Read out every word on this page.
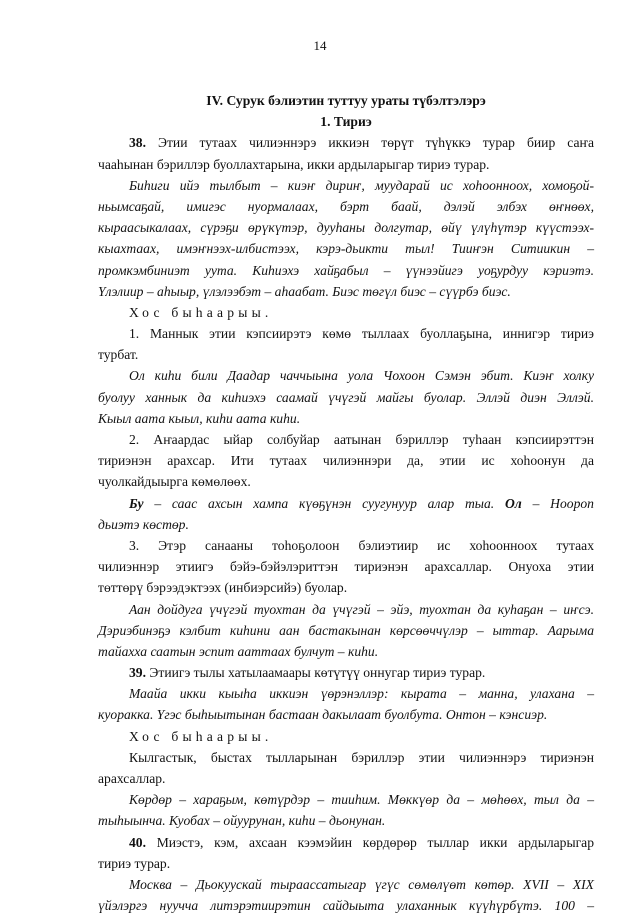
14
IV. Сурук бэлиэтин туттуу ураты түбэлтэлэрэ
1. Тириэ
38. Этии тутаах чилиэннэрэ иккиэн төрүт түһүккэ турар биир саҥа
чааһынан бэриллэр буоллахтарына, икки ардыларыгар тириэ турар.
Биһиги ийэ тылбыт – киэҥ дириҥ, муударай ис хоһоонноох, хомоҕой-
ньымсаҕай, имигэс нуормалаах, бэрт баай, дэлэй элбэх өҥнөөх,
кыраасыкалаах, сүрэҕи өрүкүтэр, дууһаны долгутар, өйү үлүһүтэр күүстээх-
кыахтаах, имэҥнээх-илбистээх, кэрэ-дьикти тыл! Тииҥэн Ситиикин –
промкэмбиниэт уута. Киһиэхэ хайҕабыл – үүнээйигэ уоҕурдуу кэриэтэ.
Үлэлиир – аһыыр, үлэлээбэт – аһаабат. Биэс төгүл биэс – сүүрбэ биэс.
Хос быһаарыы.
1. Маннык этии кэпсиирэтэ көмө тыллаах буоллаҕына, иннигэр тириэ
турбат.
Ол киһи били Даадар чаччыына уола Чохоон Сэмэн эбит. Киэҥ холку
буолуу ханнык да киһиэхэ саамай үчүгэй майгы буолар. Эллэй диэн Эллэй.
Кыыл аата кыыл, киһи аата киһи.
2. Аҥаардас ыйар солбуйар аатынан бэриллэр туһаан кэпсиирэттэн
тириэнэн арахсар. Ити тутаах чилиэннэри да, этии ис хоһоонун да
чуолкайдыырга көмөлөөх.
Бу – саас ахсын хампа күөҕүнэн суугунуур алар тыа. Ол – Ноороп
дьиэтэ көстөр.
3. Этэр санааны тоһоҕолоон бэлиэтиир ис хоһоонноох тутаах
чилиэннэр этиигэ бэйэ-бэйэлэриттэн тириэнэн арахсаллар. Онуоха этии
төттөрү бэрээдэктээх (инбиэрсийэ) буолар.
Аан дойдуга үчүгэй туохтан да үчүгэй – эйэ, туохтан да куһаҕан – иҥсэ.
Дэриэбинэҕэ кэлбит киһини аан бастакынан көрсөөччүлэр – ыттар. Аарыма
тайахха саатын эспит ааттаах булчут – киһи.
39. Этиигэ тылы хатылаамаары көтүтүү оннугар тириэ турар.
Маайа икки кыыһа иккиэн үөрэнэллэр: кырата – манна, улахана –
куоракка. Үгэс быһыытынан бастаан дакылаат буолбута. Онтон – кэнсиэр.
Хос быһаарыы.
Кылгастык, быстах тылларынан бэриллэр этии чилиэннэрэ тириэнэн
арахсаллар.
Көрдөр – хараҕым, көтүрдэр – тииһим. Мөккүөр да – мөһөөх, тыл да –
тыһыынча. Куобах – ойуурунан, киһи – дьонунан.
40. Миэстэ, кэм, ахсаан кээмэйин көрдөрөр тыллар икки ардыларыгар
тириэ турар.
Москва – Дьокуускай тыраассатыгар үгүс сөмөлүөт көтөр. XVII – XIX
үйэлэргэ нуучча литэрэтиирэтин сайдыыта улаханнык күүһүрбүтэ. 100 –
